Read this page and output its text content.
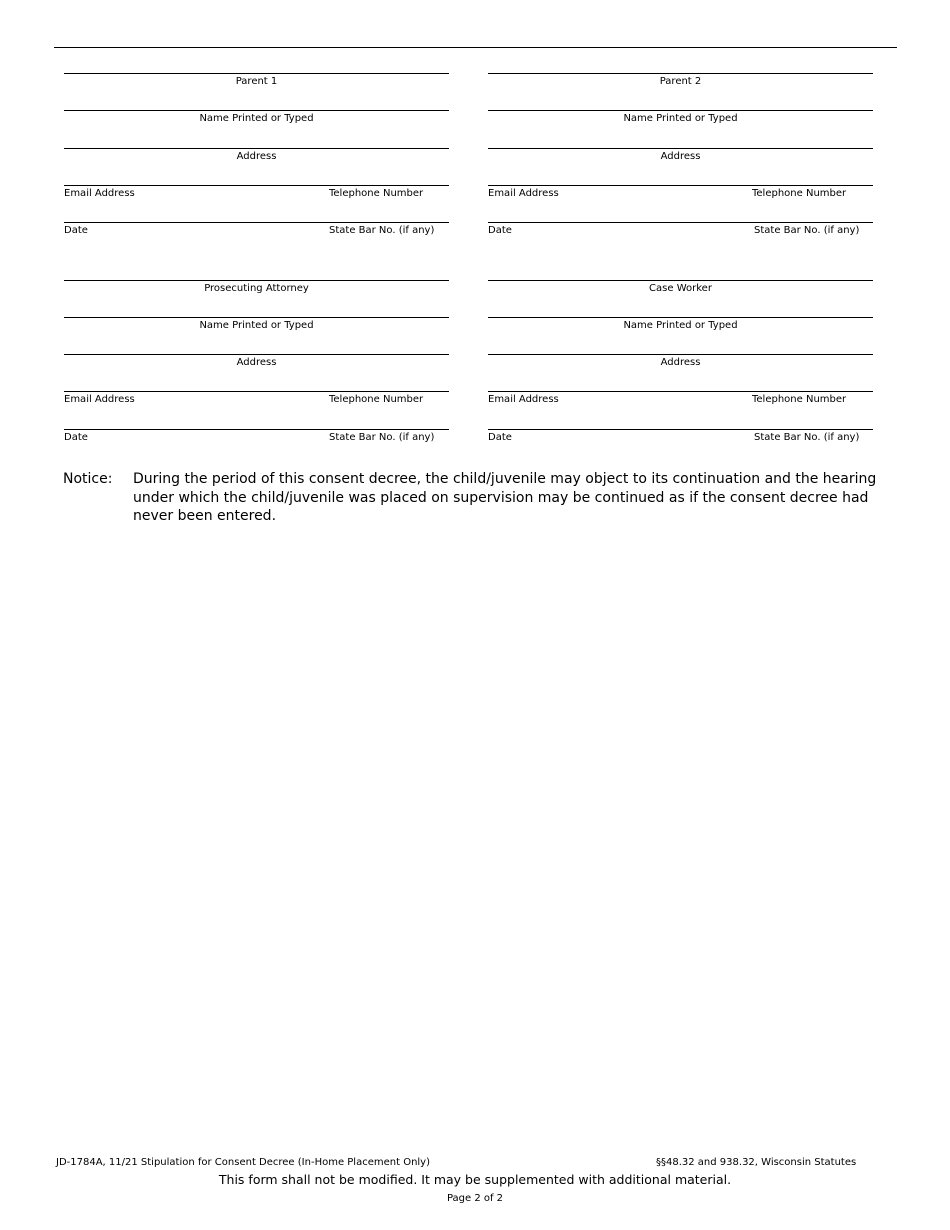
Parent 1
Name Printed or Typed
Address
Email Address	Telephone Number
Date	State Bar No. (if any)
Parent 2
Name Printed or Typed
Address
Email Address	Telephone Number
Date	State Bar No. (if any)
Prosecuting Attorney
Name Printed or Typed
Address
Email Address	Telephone Number
Date	State Bar No. (if any)
Case Worker
Name Printed or Typed
Address
Email Address	Telephone Number
Date	State Bar No. (if any)
Notice: During the period of this consent decree, the child/juvenile may object to its continuation and the hearing under which the child/juvenile was placed on supervision may be continued as if the consent decree had never been entered.
JD-1784A, 11/21 Stipulation for Consent Decree (In-Home Placement Only)	§§48.32 and 938.32, Wisconsin Statutes
This form shall not be modified. It may be supplemented with additional material.
Page 2 of 2
